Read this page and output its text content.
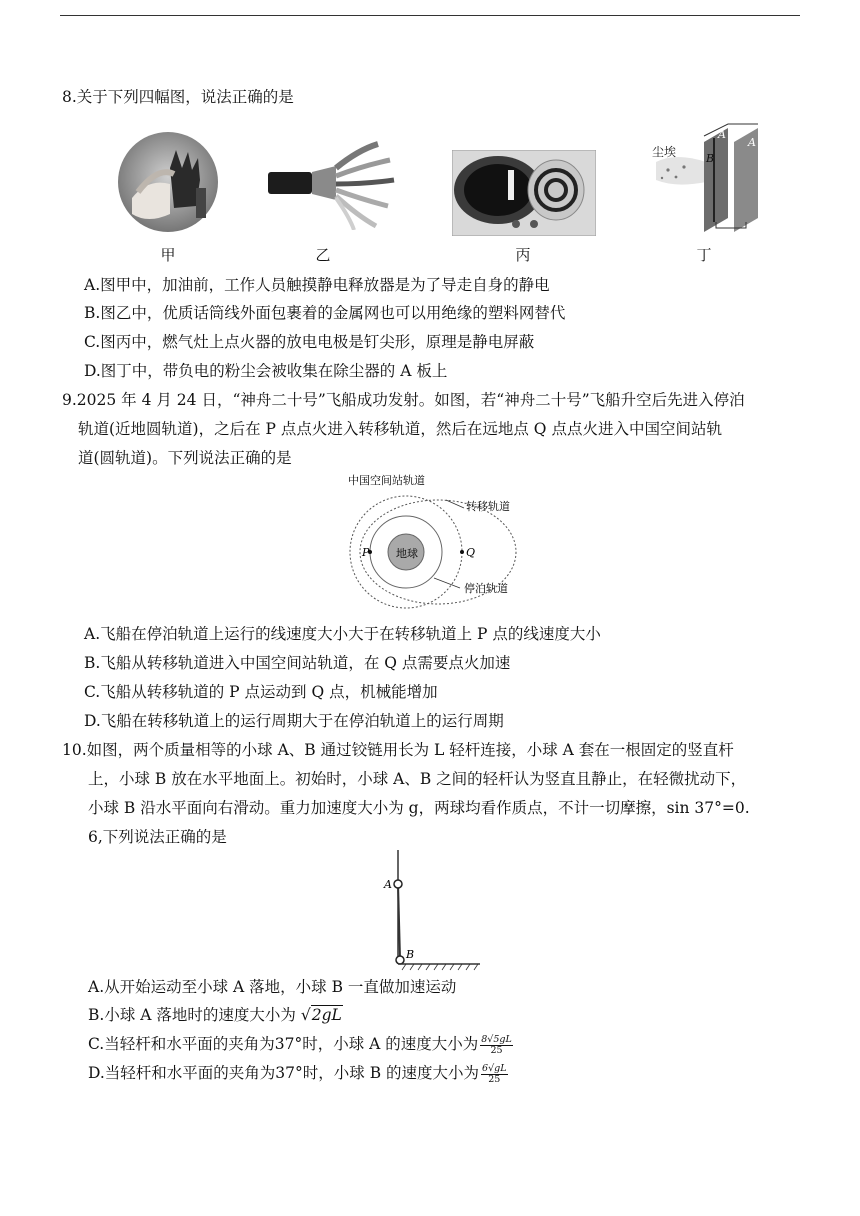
8.关于下列四幅图，说法正确的是
甲	乙	丙
尘埃
A
A
B
丁
A.图甲中，加油前，工作人员触摸静电释放器是为了导走自身的静电
B.图乙中，优质话筒线外面包裹着的金属网也可以用绝缘的塑料网替代
C.图丙中，燃气灶上点火器的放电电极是钉尖形，原理是静电屏蔽
D.图丁中，带负电的粉尘会被收集在除尘器的 A 板上
9.2025 年 4 月 24 日，“神舟二十号”飞船成功发射。如图，若“神舟二十号”飞船升空后先进入停泊
轨道(近地圆轨道)，之后在 P 点点火进入转移轨道，然后在远地点 Q 点点火进入中国空间站轨
道(圆轨道)。下列说法正确的是
地球
P	Q
中国空间站轨道
转移轨道
停泊轨道
A.飞船在停泊轨道上运行的线速度大小大于在转移轨道上 P 点的线速度大小
B.飞船从转移轨道进入中国空间站轨道，在 Q 点需要点火加速
C.飞船从转移轨道的 P 点运动到 Q 点，机械能增加
D.飞船在转移轨道上的运行周期大于在停泊轨道上的运行周期
10.如图，两个质量相等的小球 A、B 通过铰链用长为 L 轻杆连接，小球 A 套在一根固定的竖直杆
上，小球 B 放在水平地面上。初始时，小球 A、B 之间的轻杆认为竖直且静止，在轻微扰动下，
小球 B 沿水平面向右滑动。重力加速度大小为 g，两球均看作质点，不计一切摩擦，sin 37°=0.
6,下列说法正确的是
A
B
A.从开始运动至小球 A 落地，小球 B 一直做加速运动
B.小球 A 落地时的速度大小为 √2gL
C.当轻杆和水平面的夹角为37°时，小球 A 的速度大小为 $\frac{8√5gL}{25}$
D.当轻杆和水平面的夹角为37°时，小球 B 的速度大小为 $\frac{6√gL}{25}$
